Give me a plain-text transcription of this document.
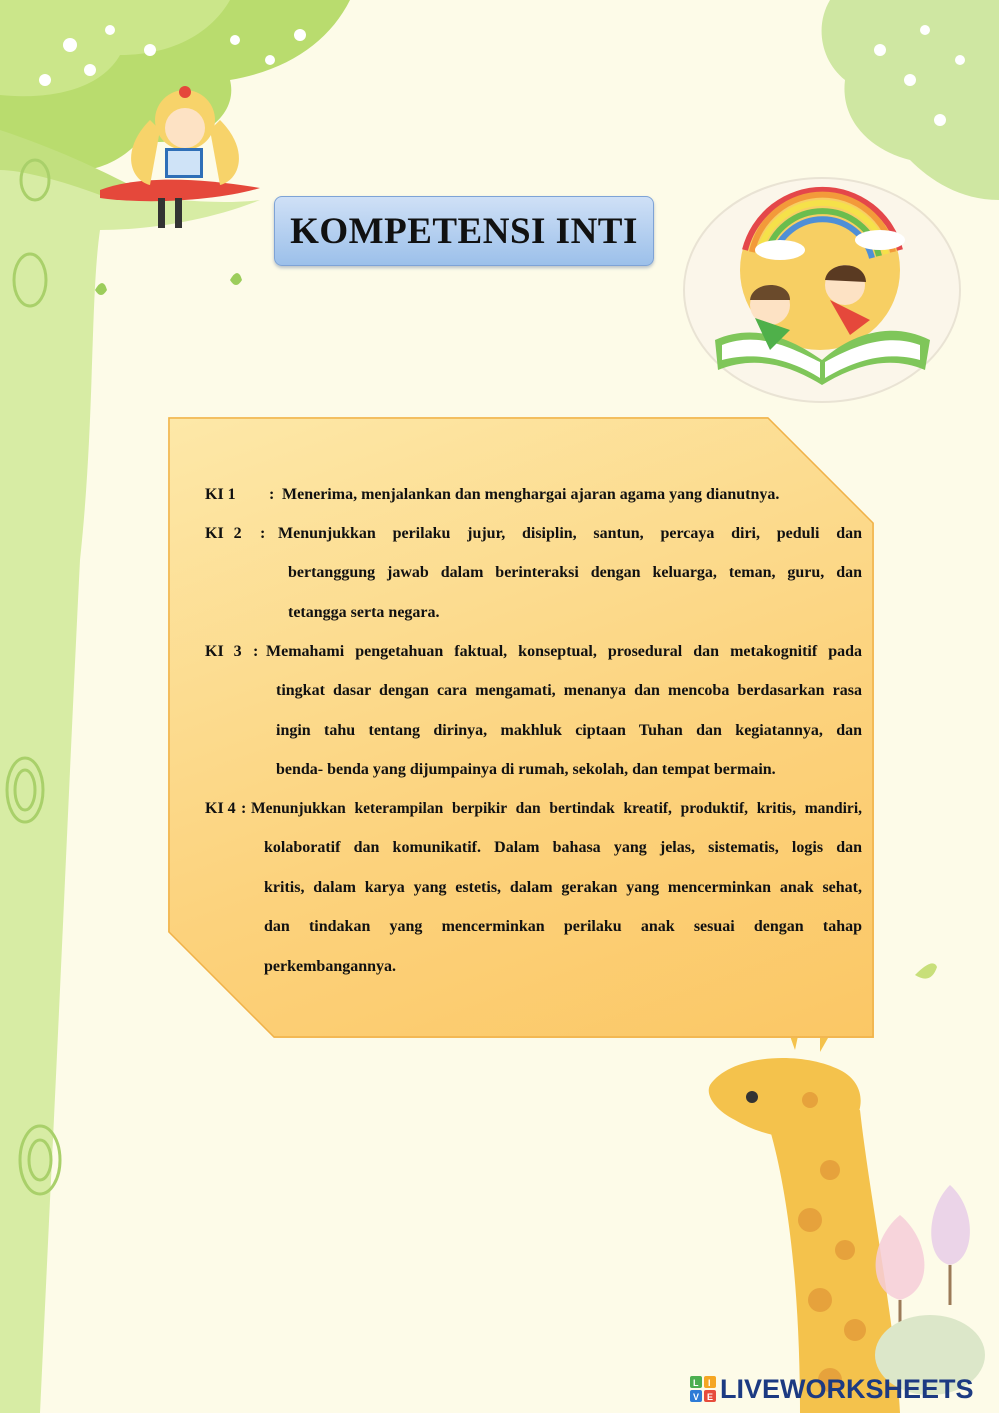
KOMPETENSI INTI
KI 1	: Menerima, menjalankan dan menghargai ajaran agama yang dianutnya.
KI 2	: Menunjukkan perilaku jujur, disiplin, santun, percaya diri, peduli dan
bertanggung jawab dalam berinteraksi dengan keluarga, teman, guru, dan
tetangga serta negara.
KI 3 : Memahami pengetahuan faktual, konseptual, prosedural dan metakognitif pada
tingkat dasar dengan cara mengamati, menanya dan mencoba berdasarkan rasa
ingin tahu tentang dirinya, makhluk ciptaan Tuhan dan kegiatannya, dan
benda- benda yang dijumpainya di rumah, sekolah, dan tempat bermain.
KI 4 : Menunjukkan keterampilan berpikir dan bertindak kreatif, produktif, kritis, mandiri,
kolaboratif dan komunikatif. Dalam bahasa yang jelas, sistematis, logis dan
kritis, dalam karya yang estetis, dalam gerakan yang mencerminkan anak sehat,
dan tindakan yang mencerminkan perilaku anak sesuai dengan tahap
perkembangannya.
L I
V E LIVEWORKSHEETS
